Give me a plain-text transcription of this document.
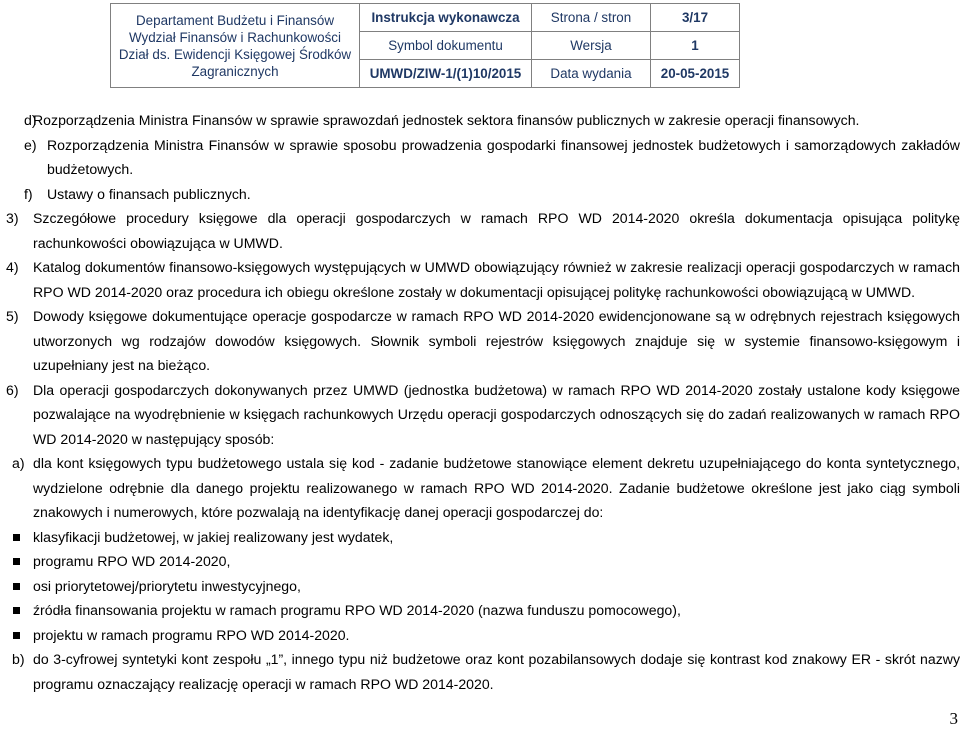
Departament Budżetu i Finansów
Wydział Finansów i Rachunkowości
Dział ds. Ewidencji Księgowej Środków
Zagranicznych	Instrukcja wykonawcza	Strona / stron	3/17
	Symbol dokumentu	Wersja	1
	UMWD/ZIW-1/(1)10/2015	Data wydania	20-05-2015
d)
Rozporządzenia Ministra Finansów w sprawie sprawozdań jednostek sektora finansów publicznych w zakresie operacji finansowych.
e) Rozporządzenia Ministra Finansów w sprawie sposobu prowadzenia gospodarki finansowej jednostek budżetowych i samorządowych zakładów budżetowych.
f) Ustawy o finansach publicznych.
3) Szczegółowe procedury księgowe dla operacji gospodarczych w ramach RPO WD 2014-2020 określa dokumentacja opisująca politykę rachunkowości obowiązująca w UMWD.
4) Katalog dokumentów finansowo-księgowych występujących w UMWD obowiązujący również w zakresie realizacji operacji gospodarczych w ramach RPO WD 2014-2020 oraz procedura ich obiegu określone zostały w dokumentacji opisującej politykę rachunkowości obowiązującą w UMWD.
5) Dowody księgowe dokumentujące operacje gospodarcze w ramach RPO WD 2014-2020 ewidencjonowane są w odrębnych rejestrach księgowych utworzonych wg rodzajów dowodów księgowych. Słownik symboli rejestrów księgowych znajduje się w systemie finansowo-księgowym i uzupełniany jest na bieżąco.
6) Dla operacji gospodarczych dokonywanych przez UMWD (jednostka budżetowa) w ramach RPO WD 2014-2020 zostały ustalone kody księgowe pozwalające na wyodrębnienie w księgach rachunkowych Urzędu operacji gospodarczych odnoszących się do zadań realizowanych w ramach RPO WD 2014-2020 w następujący sposób:
a) dla kont księgowych typu budżetowego ustala się kod - zadanie budżetowe stanowiące element dekretu uzupełniającego do konta syntetycznego, wydzielone odrębnie dla danego projektu realizowanego w ramach RPO WD 2014-2020. Zadanie budżetowe określone jest jako ciąg symboli znakowych i numerowych, które pozwalają na identyfikację danej operacji gospodarczej do:
klasyfikacji budżetowej, w jakiej realizowany jest wydatek,
programu RPO WD 2014-2020,
osi priorytetowej/priorytetu inwestycyjnego,
źródła finansowania projektu w ramach programu RPO WD 2014-2020 (nazwa funduszu pomocowego),
projektu w ramach programu RPO WD 2014-2020.
b) do 3-cyfrowej syntetyki kont zespołu „1”, innego typu niż budżetowe oraz kont pozabilansowych dodaje się kontrast kod znakowy ER - skrót nazwy programu oznaczający realizację operacji w ramach RPO WD 2014-2020.
3
